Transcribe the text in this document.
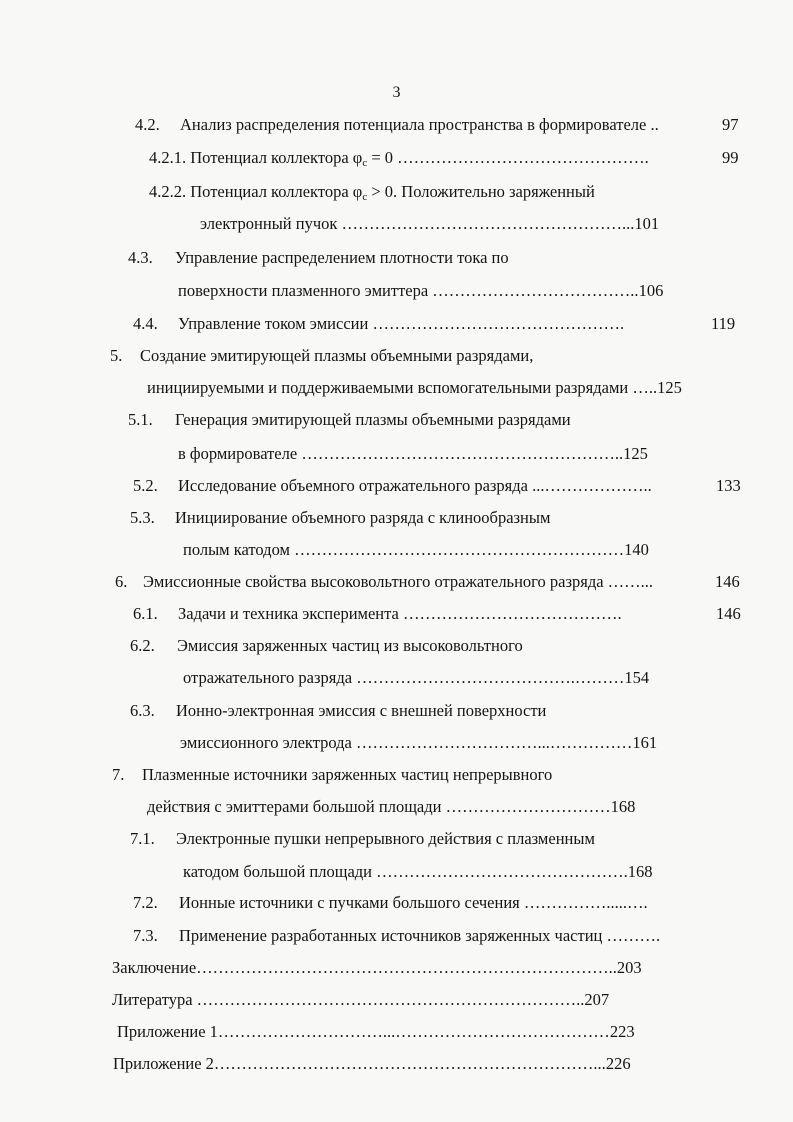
3
4.2. Анализ распределения потенциала пространства в формирователе ..	97
4.2.1. Потенциал коллектора $\varphi_c = 0$ ……………………………………….	99
4.2.2. Потенциал коллектора $\varphi_c > 0$. Положительно заряженный
электронный пучок ……………………………………………...101
4.3. Управление распределением плотности тока по
поверхности плазменного эмиттера ………………………………..106
4.4. Управление током эмиссии ……………………………………….	119
5. Создание эмитирующей плазмы объемными разрядами,
инициируемыми и поддерживаемыми вспомогательными разрядами …..125
5.1. Генерация эмитирующей плазмы объемными разрядами
в формирователе …………………………………………………..125
5.2. Исследование объемного отражательного разряда ...………………..	133
5.3. Инициирование объемного разряда с клинообразным
полым катодом ……………………………………………………140
6. Эмиссионные свойства высоковольтного отражательного разряда ……...	146
6.1. Задачи и техника эксперимента ………………………………….	146
6.2. Эмиссия заряженных частиц из высоковольтного
отражательного разряда ………………………………….………154
6.3. Ионно-электронная эмиссия с внешней поверхности
эмиссионного электрода ……………………………...……………161
7. Плазменные источники заряженных частиц непрерывного
действия с эмиттерами большой площади …………………………168
7.1. Электронные пушки непрерывного действия с плазменным
катодом большой площади ……………………………………….168
7.2. Ионные источники с пучками большого сечения …………….....….
7.3. Применение разработанных источников заряженных частиц ……….
Заключение…………………………………………………………………..203
Литература ……………………………………………………………..207
Приложение 1…………………………...…………………………………223
Приложение 2……………………………………………………………...226
